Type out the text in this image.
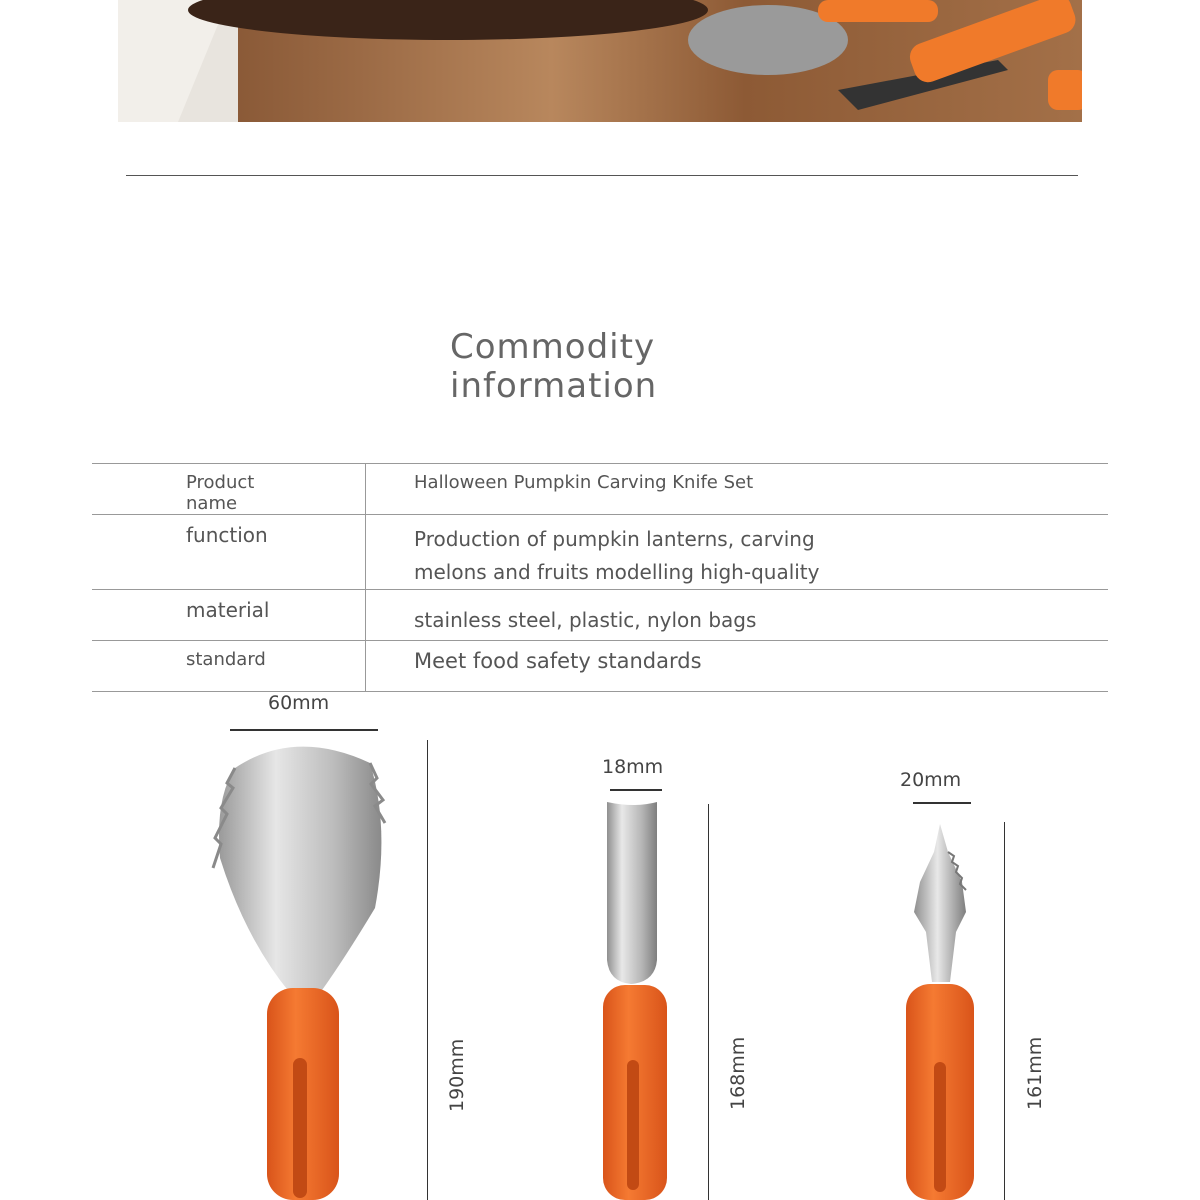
Commodity information
Product name	Halloween Pumpkin Carving Knife Set

function	Production of pumpkin lanterns, carving melons and fruits modelling high-quality

material	stainless steel, plastic, nylon bags

standard	Meet food safety standards
60mm
190mm
18mm
168mm
20mm
161mm
